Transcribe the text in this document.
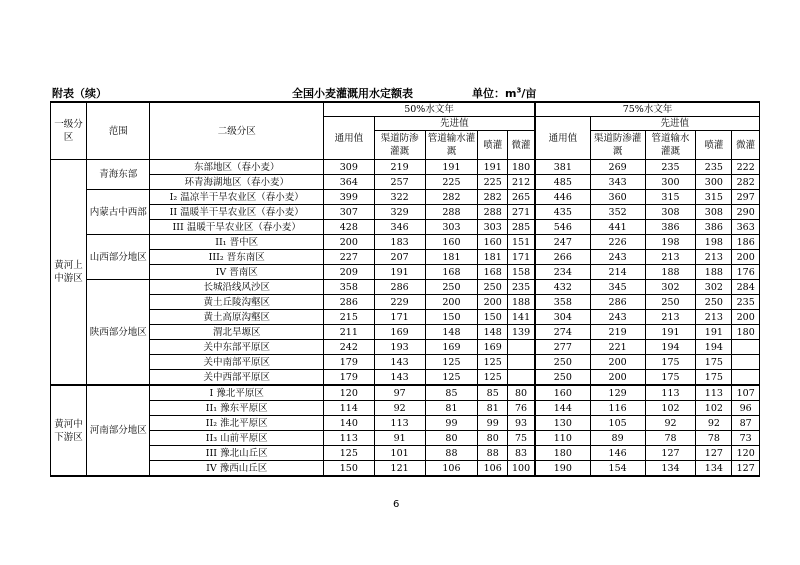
附表（续）	全国小麦灌溉用水定额表	单位：$m^3/$亩
一级分区	范围	二级分区	50%水文年					75%水文年				
			通用值	先进值				通用值	先进值			
				渠道防渗灌溉	管道输水灌溉	喷灌	微灌		渠道防渗灌溉	管道输水灌溉	喷灌	微灌
黄河上中游区	青海东部	东部地区（春小麦）	309	219	191	191	180	381	269	235	235	222
		环青海湖地区（春小麦）	364	257	225	225	212	485	343	300	300	282
	内蒙古中西部	I₂ 温凉半干旱农业区（春小麦）	399	322	282	282	265	446	360	315	315	297
		II 温暖半干旱农业区（春小麦）	307	329	288	288	271	435	352	308	308	290
		III 温暖干旱农业区（春小麦）	428	346	303	303	285	546	441	386	386	363
	山西部分地区	II₁ 晋中区	200	183	160	160	151	247	226	198	198	186
		III₂ 晋东南区	227	207	181	181	171	266	243	213	213	200
		IV 晋南区	209	191	168	168	158	234	214	188	188	176
	陕西部分地区	长城沿线风沙区	358	286	250	250	235	432	345	302	302	284
		黄土丘陵沟壑区	286	229	200	200	188	358	286	250	250	235
		黄土高原沟壑区	215	171	150	150	141	304	243	213	213	200
		渭北旱塬区	211	169	148	148	139	274	219	191	191	180
		关中东部平原区	242	193	169	169		277	221	194	194	
		关中南部平原区	179	143	125	125		250	200	175	175	
		关中西部平原区	179	143	125	125		250	200	175	175	
黄河中下游区	河南部分地区	I 豫北平原区	120	97	85	85	80	160	129	113	113	107
		II₁ 豫东平原区	114	92	81	81	76	144	116	102	102	96
		II₂ 淮北平原区	140	113	99	99	93	130	105	92	92	87
		II₃ 山前平原区	113	91	80	80	75	110	89	78	78	73
		III 豫北山丘区	125	101	88	88	83	180	146	127	127	120
		IV 豫西山丘区	150	121	106	106	100	190	154	134	134	127
6
